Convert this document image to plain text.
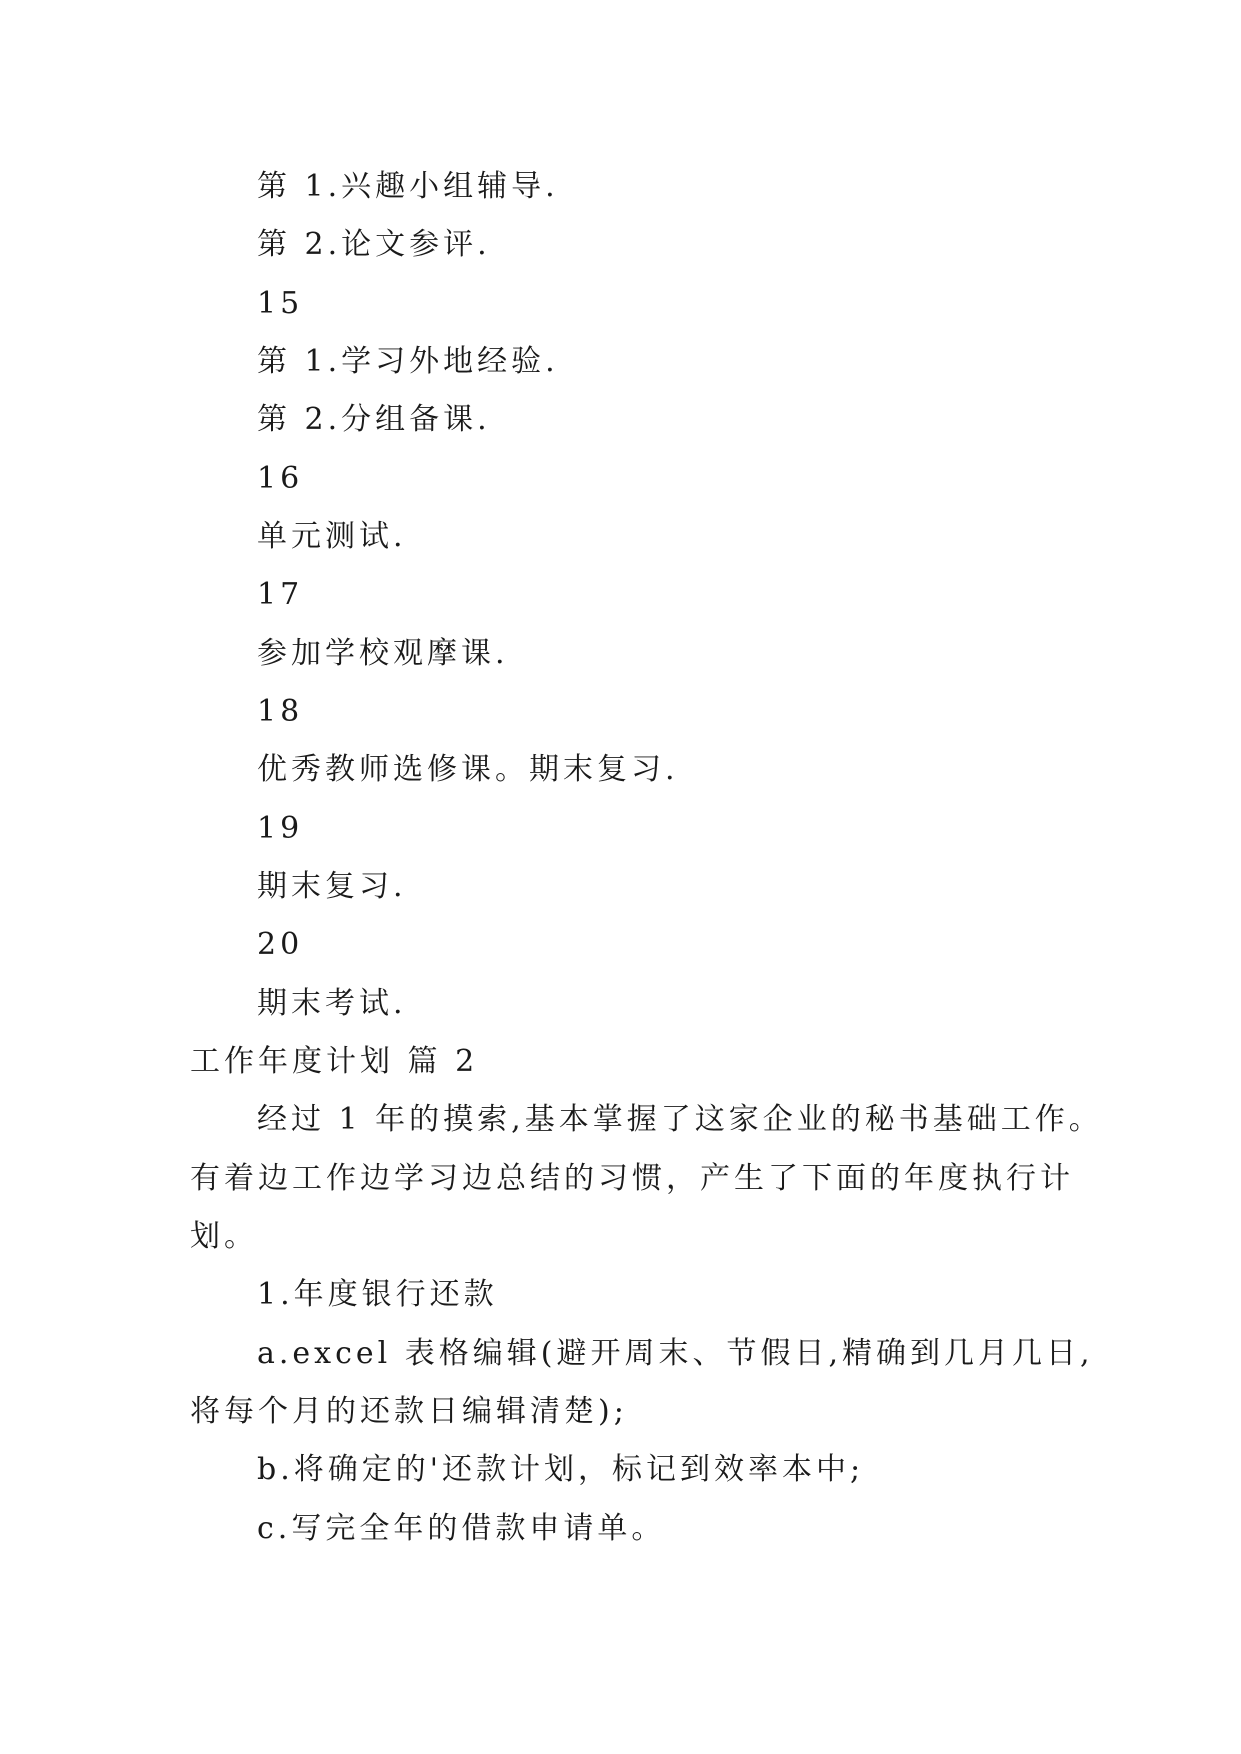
第 1.兴趣小组辅导.
第 2.论文参评.
15
第 1.学习外地经验.
第 2.分组备课.
16
单元测试.
17
参加学校观摩课.
18
优秀教师选修课。期末复习.
19
期末复习.
20
期末考试.
工作年度计划 篇 2
经过 1 年的摸索,基本掌握了这家企业的秘书基础工作。
有着边工作边学习边总结的习惯，产生了下面的年度执行计
划。
1.年度银行还款
a.excel 表格编辑(避开周末、节假日,精确到几月几日,
将每个月的还款日编辑清楚);
b.将确定的'还款计划，标记到效率本中;
c.写完全年的借款申请单。
